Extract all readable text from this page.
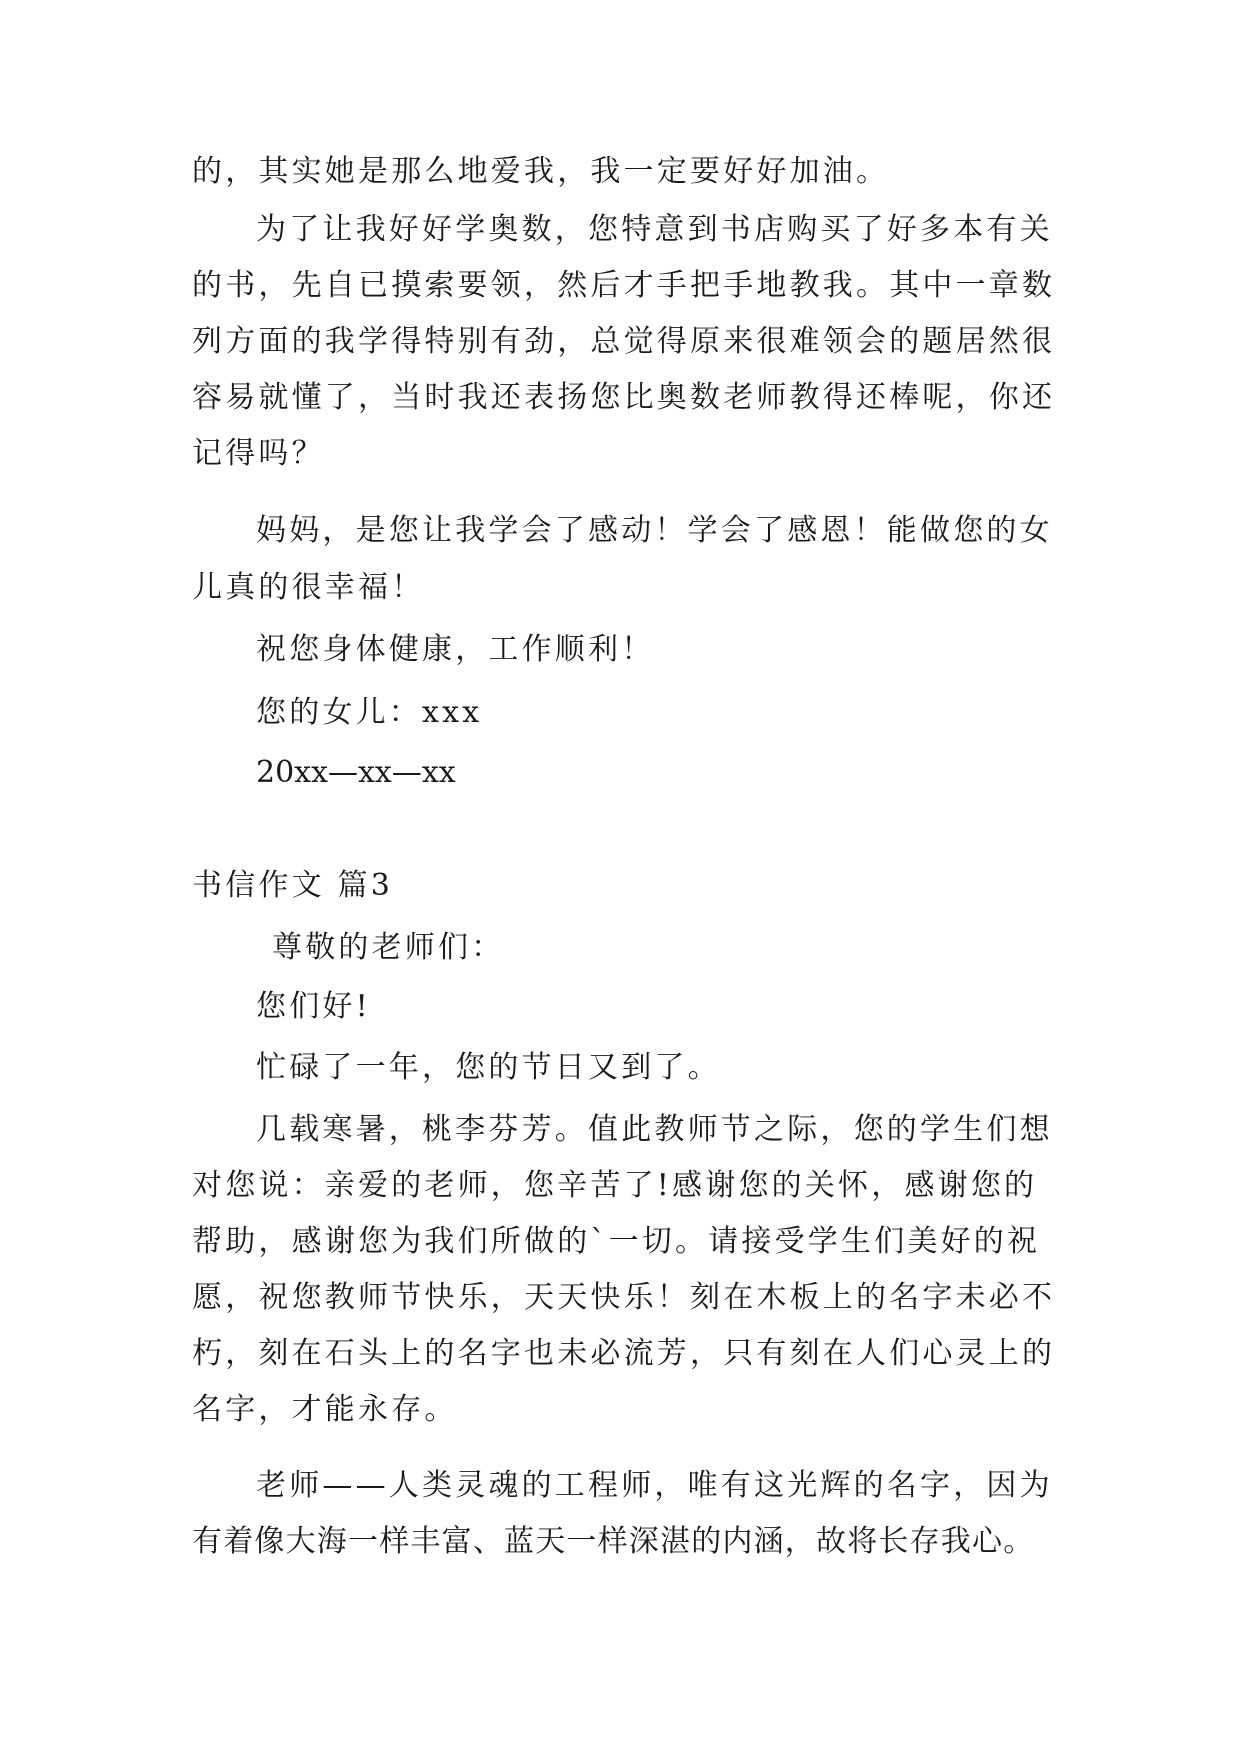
的，其实她是那么地爱我，我一定要好好加油。
为了让我好好学奥数，您特意到书店购买了好多本有关
的书，先自已摸索要领，然后才手把手地教我。其中一章数
列方面的我学得特别有劲，总觉得原来很难领会的题居然很
容易就懂了，当时我还表扬您比奥数老师教得还棒呢，你还
记得吗？
妈妈，是您让我学会了感动！学会了感恩！能做您的女
儿真的很幸福！
祝您身体健康，工作顺利！
您的女儿：xxx
20xx—xx—xx
书信作文 篇3
尊敬的老师们：
您们好!
忙碌了一年，您的节日又到了。
几载寒暑，桃李芬芳。值此教师节之际，您的学生们想
对您说：亲爱的老师，您辛苦了!感谢您的关怀，感谢您的
帮助，感谢您为我们所做的`一切。请接受学生们美好的祝
愿，祝您教师节快乐，天天快乐！刻在木板上的名字未必不
朽，刻在石头上的名字也未必流芳，只有刻在人们心灵上的
名字，才能永存。
老师——人类灵魂的工程师，唯有这光辉的名字，因为
有着像大海一样丰富、蓝天一样深湛的内涵，故将长存我心。
